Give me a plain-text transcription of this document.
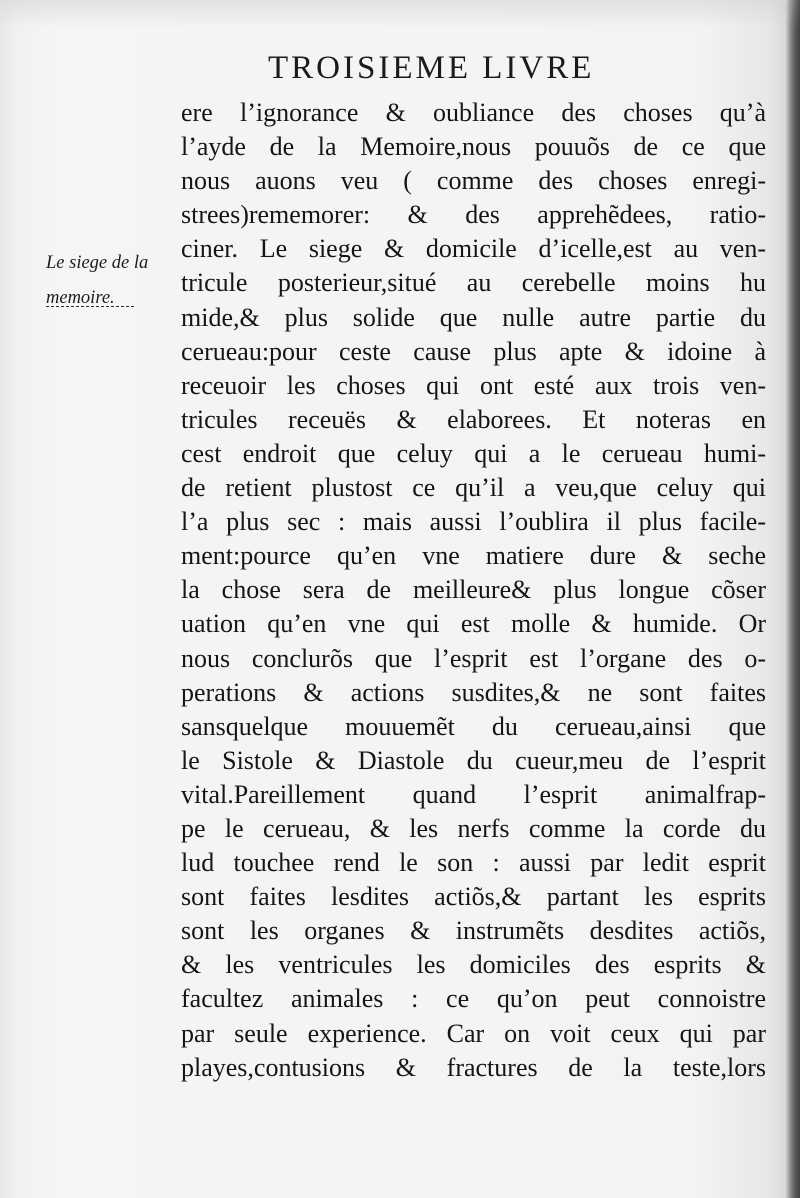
TROISIEME LIVRE
Le siege de la
memoire.
ere l’ignorance & oubliance des choses qu’à
l’ayde de la Memoire,nous pouuõs de ce que
nous auons veu ( comme des choses enregi-
strees)rememorer: & des apprehẽdees, ratio-
ciner. Le siege & domicile d’icelle,est au ven-
tricule posterieur,situé au cerebelle moins hu
mide,& plus solide que nulle autre partie du
cerueau:pour ceste cause plus apte & idoine à
receuoir les choses qui ont esté aux trois ven-
tricules receuës & elaborees. Et noteras en
cest endroit que celuy qui a le cerueau humi-
de retient plustost ce qu’il a veu,que celuy qui
l’a plus sec : mais aussi l’oublira il plus facile-
ment:pource qu’en vne matiere dure & seche
la chose sera de meilleure& plus longue cõser
uation qu’en vne qui est molle & humide. Or
nous conclurõs que l’esprit est l’organe des o-
perations & actions susdites,& ne sont faites
sansquelque mouuemẽt du cerueau,ainsi que
le Sistole & Diastole du cueur,meu de l’esprit
vital.Pareillement quand l’esprit animalfrap-
pe le cerueau, & les nerfs comme la corde du
lud touchee rend le son : aussi par ledit esprit
sont faites lesdites actiõs,& partant les esprits
sont les organes & instrumẽts desdites actiõs,
& les ventricules les domiciles des esprits &
facultez animales : ce qu’on peut connoistre
par seule experience. Car on voit ceux qui par
playes,contusions & fractures de la teste,lors
